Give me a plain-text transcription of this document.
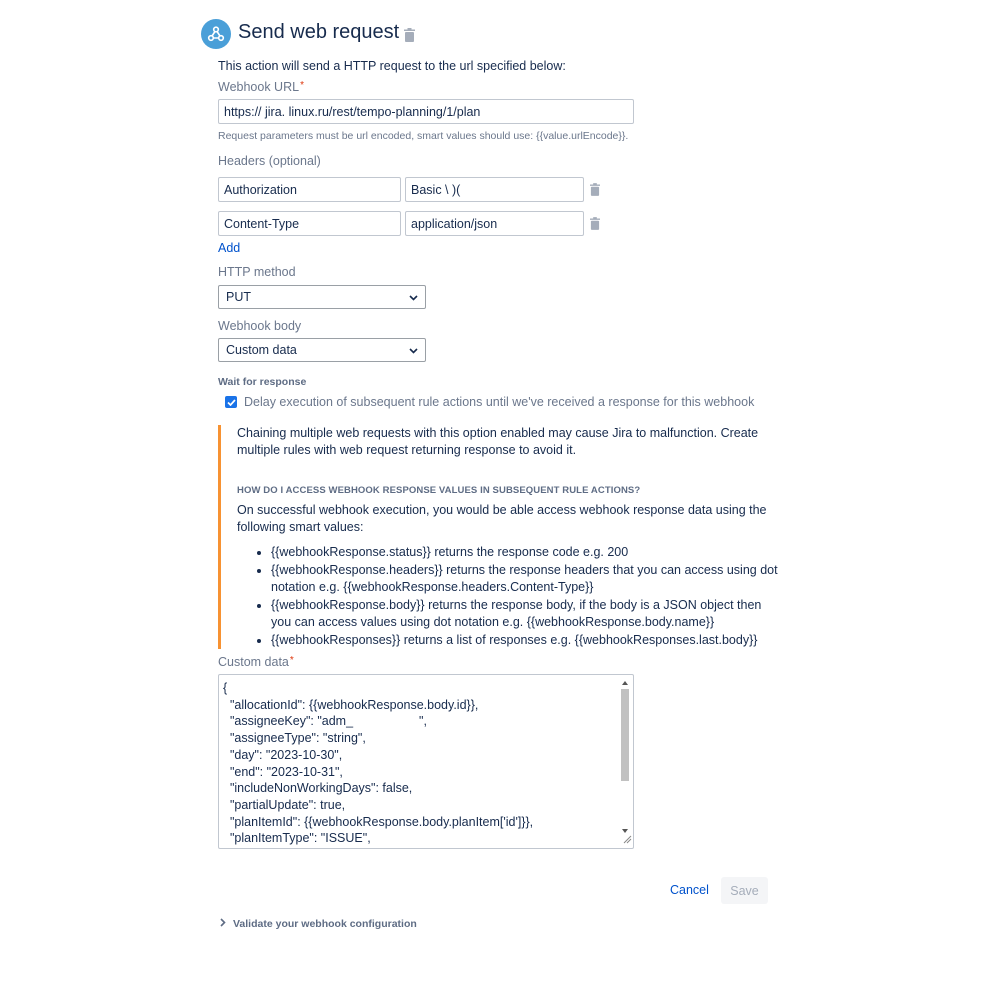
Send web request
This action will send a HTTP request to the url specified below:
Webhook URL*
https:// jira. linux.ru/rest/tempo-planning/1/plan
Request parameters must be url encoded, smart values should use: {{value.urlEncode}}.
Headers (optional)
Authorization	Basic \ )(
Content-Type	application/json
Add
HTTP method
PUT
Webhook body
Custom data
Wait for response
Delay execution of subsequent rule actions until we've received a response for this webhook
Chaining multiple web requests with this option enabled may cause Jira to malfunction. Create multiple rules with web request returning response to avoid it.
HOW DO I ACCESS WEBHOOK RESPONSE VALUES IN SUBSEQUENT RULE ACTIONS?
On successful webhook execution, you would be able access webhook response data using the following smart values:
• {{webhookResponse.status}} returns the response code e.g. 200
• {{webhookResponse.headers}} returns the response headers that you can access using dot notation e.g. {{webhookResponse.headers.Content-Type}}
• {{webhookResponse.body}} returns the response body, if the body is a JSON object then you can access values using dot notation e.g. {{webhookResponse.body.name}}
• {{webhookResponses}} returns a list of responses e.g. {{webhookResponses.last.body}}
Custom data*
{
"allocationId": {{webhookResponse.body.id}},
"assigneeKey": "adm_                   ",
"assigneeType": "string",
"day": "2023-10-30",
"end": "2023-10-31",
"includeNonWorkingDays": false,
"partialUpdate": true,
"planItemId": {{webhookResponse.body.planItem['id']}},
"planItemType": "ISSUE",
Cancel	Save
Validate your webhook configuration
